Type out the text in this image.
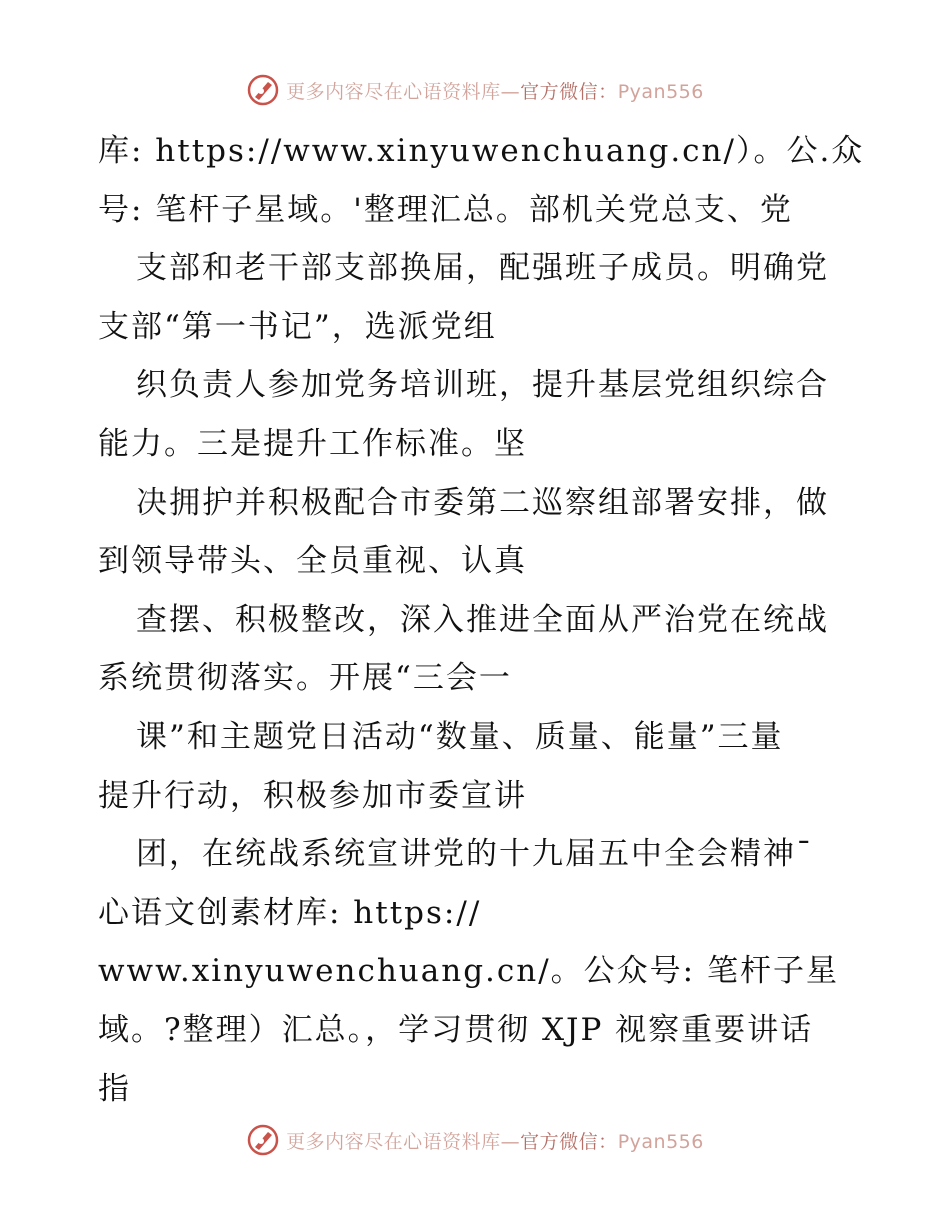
更多内容尽在心语资料库—官方微信：Pyan556
库: https://www.xinyuwenchuang.cn/）。公.众
号: 笔杆子星域。'整理汇总。部机关党总支、党
支部和老干部支部换届，配强班子成员。明确党
支部“第一书记”，选派党组
织负责人参加党务培训班，提升基层党组织综合
能力。三是提升工作标准。坚
决拥护并积极配合市委第二巡察组部署安排，做
到领导带头、全员重视、认真
查摆、积极整改，深入推进全面从严治党在统战
系统贯彻落实。开展“三会一
课”和主题党日活动“数量、质量、能量”三量
提升行动，积极参加市委宣讲
团，在统战系统宣讲党的十九届五中全会精神¯
心语文创素材库: https://
www.xinyuwenchuang.cn/。公众号: 笔杆子星
域。?整理）汇总。，学习贯彻 XJP 视察重要讲话
指
更多内容尽在心语资料库—官方微信：Pyan556
